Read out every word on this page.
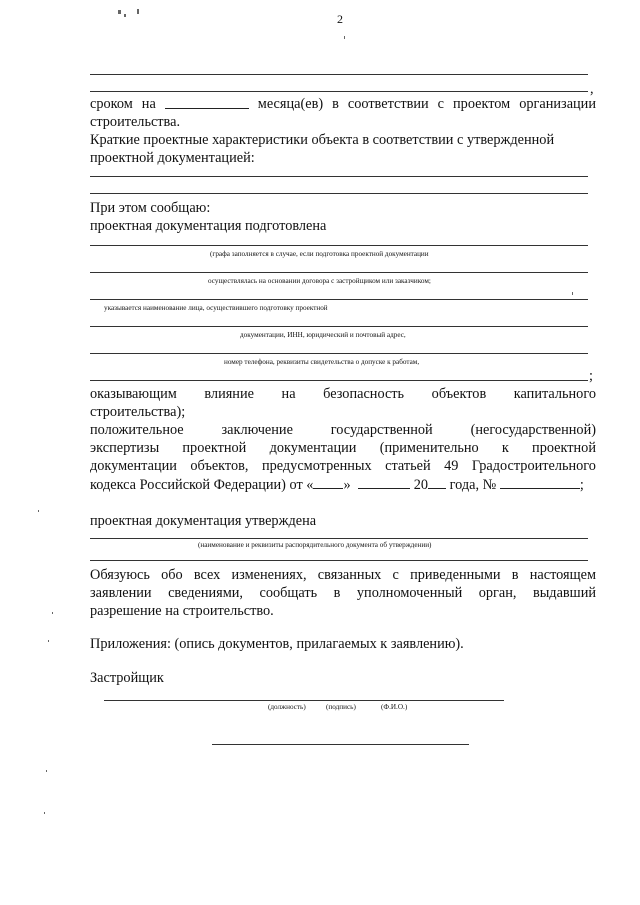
2
,
сроком на	месяца(ев) в соответствии с проектом организации
строительства.
Краткие проектные характеристики объекта в соответствии с утвержденной
проектной документацией:
При этом сообщаю:
проектная документация подготовлена
(графа заполняется в случае, если подготовка проектной документации
осуществлялась на основании договора с застройщиком или заказчиком;
указывается наименование лица, осуществившего подготовку проектной
документации, ИНН, юридический и почтовый адрес,
номер телефона, реквизиты свидетельства о допуске к работам,
;
оказывающим влияние на безопасность объектов капитального
строительства);
положительное	заключение	государственной	(негосударственной)
экспертизы проектной документации (применительно к проектной
документации объектов, предусмотренных статьей 49 Градостроительного
кодекса Российской Федерации) от « »	20 года, №	;
проектная документация утверждена
(наименование и реквизиты распорядительного документа об утверждении)
Обязуюсь обо всех изменениях, связанных с приведенными в настоящем
заявлении сведениями, сообщать в уполномоченный орган, выдавший
разрешение на строительство.
Приложения: (опись документов, прилагаемых к заявлению).
Застройщик
(должность)	(подпись)	(Ф.И.О.)
